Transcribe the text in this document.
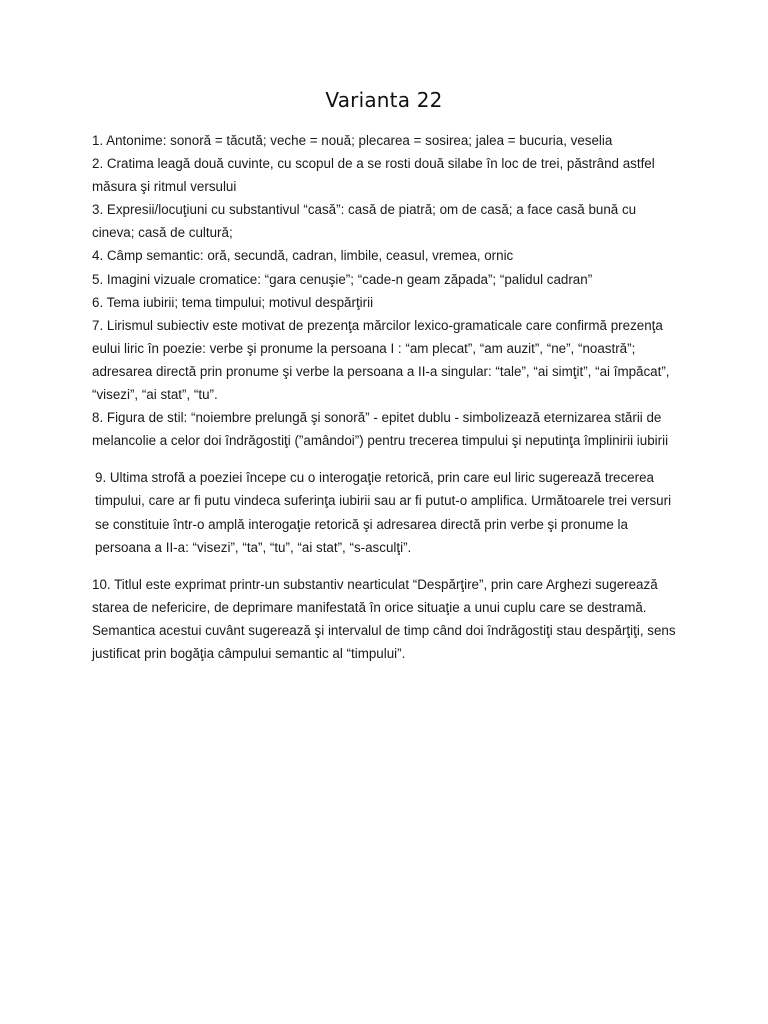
Varianta 22

1. Antonime: sonoră = tăcută; veche = nouă; plecarea = sosirea; jalea = bucuria, veselia

2. Cratima leagă două cuvinte, cu scopul de a se rosti două silabe în loc de trei, păstrând astfel măsura şi ritmul versului

3. Expresii/locuţiuni cu substantivul “casă”: casă de piatră; om de casă; a face casă bună cu cineva; casă de cultură;

4. Câmp semantic: oră, secundă, cadran, limbile, ceasul, vremea, ornic

5. Imagini vizuale cromatice: “gara cenuşie”; “cade-n geam zăpada”; “palidul cadran”

6. Tema iubirii; tema timpului; motivul despărţirii

7. Lirismul subiectiv este motivat de prezenţa mărcilor lexico-gramaticale care confirmă prezenţa eului liric în poezie: verbe şi pronume la persoana I : “am plecat”, “am auzit”, “ne”, “noastră”; adresarea directă prin pronume şi verbe la persoana a II-a singular: “tale”, “ai simţit”, “ai împăcat”, “visezi”, “ai stat”, “tu”.

8. Figura de stil: “noiembre prelungă şi sonoră” - epitet dublu - simbolizează eternizarea stării de melancolie a celor doi îndrăgostiţi (”amândoi”) pentru trecerea timpului şi neputinţa împlinirii iubirii

9. Ultima strofă a poeziei începe cu o interogaţie retorică, prin care eul liric sugerează trecerea timpului, care ar fi putu vindeca suferinţa iubirii sau ar fi putut-o amplifica. Următoarele trei versuri se constituie într-o amplă interogaţie retorică şi adresarea directă prin verbe şi pronume la persoana a II-a: “visezi”, “ta”, “tu”, “ai stat”, “s-asculţi”.

10. Titlul este exprimat printr-un substantiv nearticulat “Despărţire”, prin care Arghezi sugerează starea de nefericire, de deprimare manifestată în orice situaţie a unui cuplu care se destramă. Semantica acestui cuvânt sugerează şi intervalul de timp când doi îndrăgostiţi stau despărţiţi, sens justificat prin bogăţia câmpului semantic al “timpului”.
